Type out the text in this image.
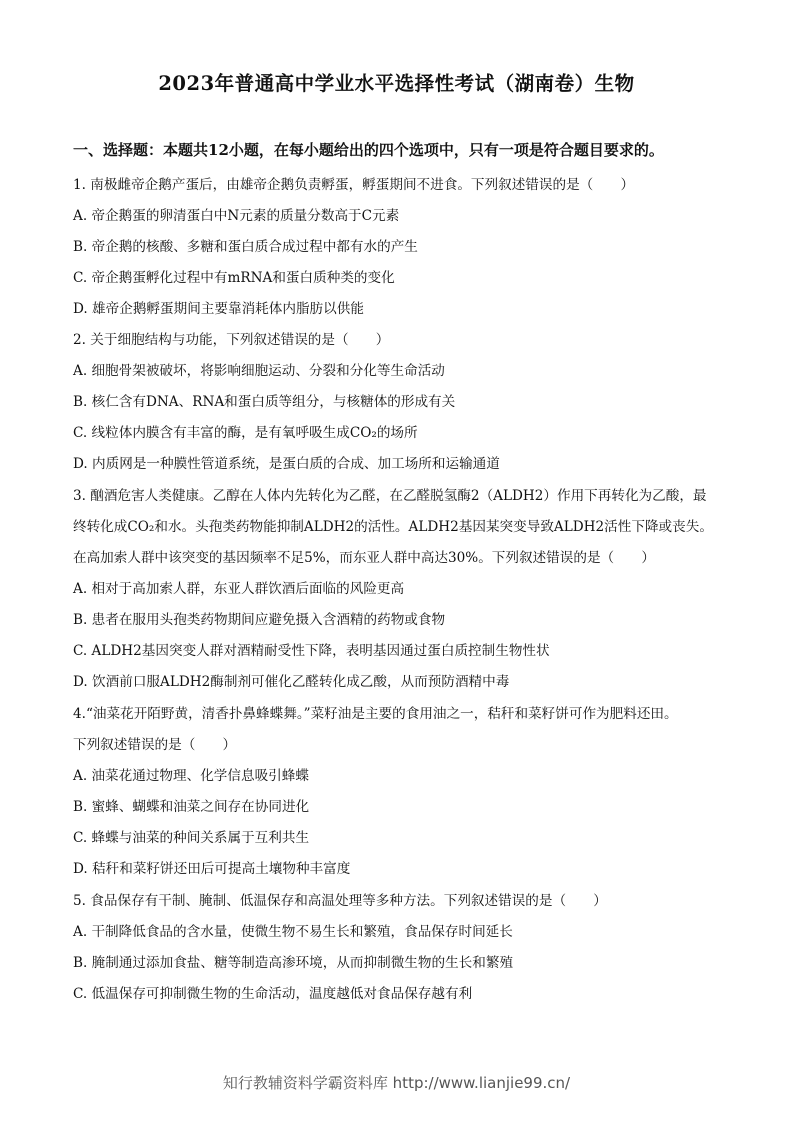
2023年普通高中学业水平选择性考试（湖南卷）生物
一、选择题：本题共12小题，在每小题给出的四个选项中，只有一项是符合题目要求的。
1. 南极雌帝企鹅产蛋后，由雄帝企鹅负责孵蛋，孵蛋期间不进食。下列叙述错误的是（　　）
A. 帝企鹅蛋的卵清蛋白中N元素的质量分数高于C元素
B. 帝企鹅的核酸、多糖和蛋白质合成过程中都有水的产生
C. 帝企鹅蛋孵化过程中有mRNA和蛋白质种类的变化
D. 雄帝企鹅孵蛋期间主要靠消耗体内脂肪以供能
2. 关于细胞结构与功能，下列叙述错误的是（　　）
A. 细胞骨架被破坏，将影响细胞运动、分裂和分化等生命活动
B. 核仁含有DNA、RNA和蛋白质等组分，与核糖体的形成有关
C. 线粒体内膜含有丰富的酶，是有氧呼吸生成CO₂的场所
D. 内质网是一种膜性管道系统，是蛋白质的合成、加工场所和运输通道
3. 酗酒危害人类健康。乙醇在人体内先转化为乙醛，在乙醛脱氢酶2（ALDH2）作用下再转化为乙酸，最
终转化成CO₂和水。头孢类药物能抑制ALDH2的活性。ALDH2基因某突变导致ALDH2活性下降或丧失。
在高加索人群中该突变的基因频率不足5%，而东亚人群中高达30%。下列叙述错误的是（　　）
A. 相对于高加索人群，东亚人群饮酒后面临的风险更高
B. 患者在服用头孢类药物期间应避免摄入含酒精的药物或食物
C. ALDH2基因突变人群对酒精耐受性下降，表明基因通过蛋白质控制生物性状
D. 饮酒前口服ALDH2酶制剂可催化乙醛转化成乙酸，从而预防酒精中毒
4.“油菜花开陌野黄，清香扑鼻蜂蝶舞。”菜籽油是主要的食用油之一，秸秆和菜籽饼可作为肥料还田。
下列叙述错误的是（　　）
A. 油菜花通过物理、化学信息吸引蜂蝶
B. 蜜蜂、蝴蝶和油菜之间存在协同进化
C. 蜂蝶与油菜的种间关系属于互利共生
D. 秸秆和菜籽饼还田后可提高土壤物种丰富度
5. 食品保存有干制、腌制、低温保存和高温处理等多种方法。下列叙述错误的是（　　）
A. 干制降低食品的含水量，使微生物不易生长和繁殖，食品保存时间延长
B. 腌制通过添加食盐、糖等制造高渗环境，从而抑制微生物的生长和繁殖
C. 低温保存可抑制微生物的生命活动，温度越低对食品保存越有利
知行教辅资料学霸资料库 http://www.lianjie99.cn/
